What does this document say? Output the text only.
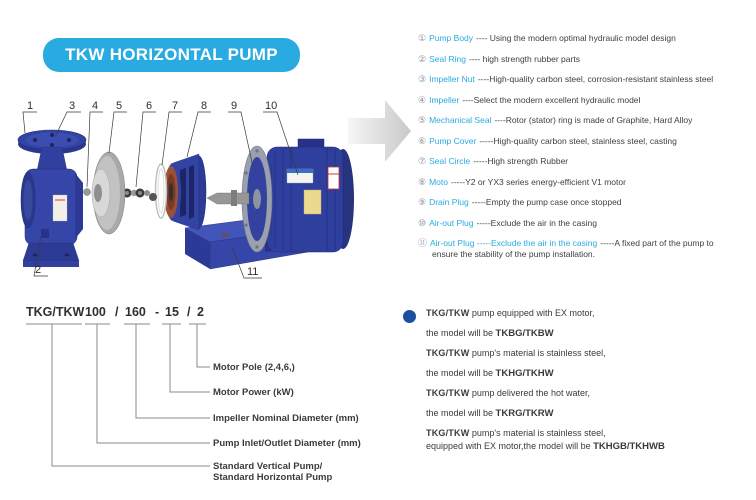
TKW HORIZONTAL PUMP
1	3 4 5 6 7 8 9	10
2	11
① Pump Body ---- Using the modern optimal hydraulic model design
② Seal Ring ---- high strength rubber parts
③ Impeller Nut ----High-quality carbon steel, corrosion-resistant stainless steel
④ Impeller ----Select the modern excellent hydraulic model
⑤ Mechanical Seal ----Rotor (stator) ring is made of Graphite, Hard Alloy
⑥ Pump Cover -----High-quality carbon steel, stainless steel, casting
⑦ Seal Circle -----High strength Rubber
⑧ Moto -----Y2 or YX3 series energy-efficient V1 motor
⑨ Drain Plug -----Empty the pump case once stopped
⑩ Air-out Plug -----Exclude the air in the casing
⑪ Air-out Plug -----Exclude the air in the casing -----A fixed part of the pump to
ensure the stability of the pump installation.
TKG/TKW 100 / 160 - 15 / 2
Motor Pole (2,4,6,)
Motor Power (kW)
Impeller Nominal Diameter (mm)
Pump Inlet/Outlet Diameter (mm)
Standard Vertical Pump/
Standard Horizontal Pump
TKG/TKW pump equipped with EX motor,
the model will be TKBG/TKBW
TKG/TKW pump's material is stainless steel,
the model will be TKHG/TKHW
TKG/TKW pump delivered the hot water,
the model will be TKRG/TKRW
TKG/TKW pump's material is stainless steel,
equipped with EX motor,the model will be TKHGB/TKHWB
